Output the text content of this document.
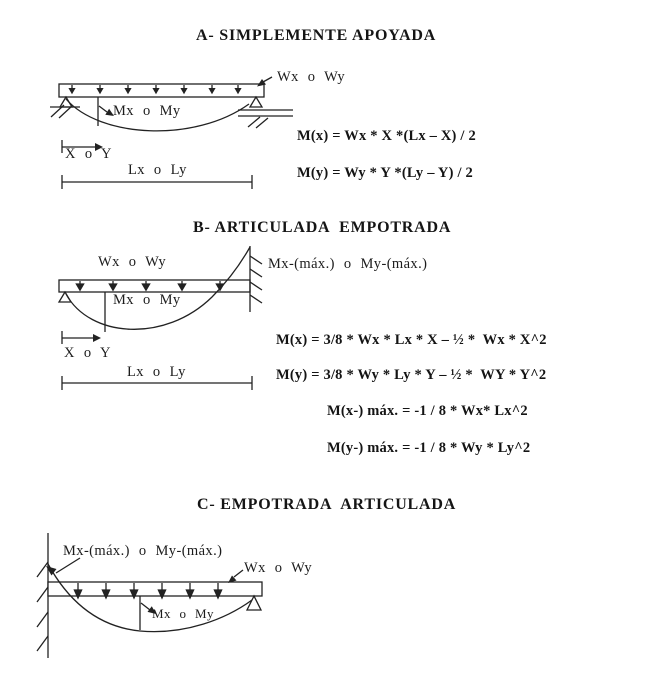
A- SIMPLEMENTE APOYADA
Wx o Wy
Mx o My
X o Y
Lx o Ly
M(x) = Wx * X *(Lx – X) / 2
M(y) = Wy * Y *(Ly – Y) / 2
B- ARTICULADA  EMPOTRADA
Wx o Wy	Mx-(máx.) o My-(máx.)
Mx o My
X o Y
Lx o Ly
M(x) = 3/8 * Wx * Lx * X – ½ *  Wx * X^2
M(y) = 3/8 * Wy * Ly * Y – ½ *  WY * Y^2
M(x-) máx. = -1 / 8 * Wx* Lx^2
M(y-) máx. = -1 / 8 * Wy * Ly^2
C- EMPOTRADA  ARTICULADA
Mx-(máx.) o My-(máx.)
Wx o Wy
Mx o My
